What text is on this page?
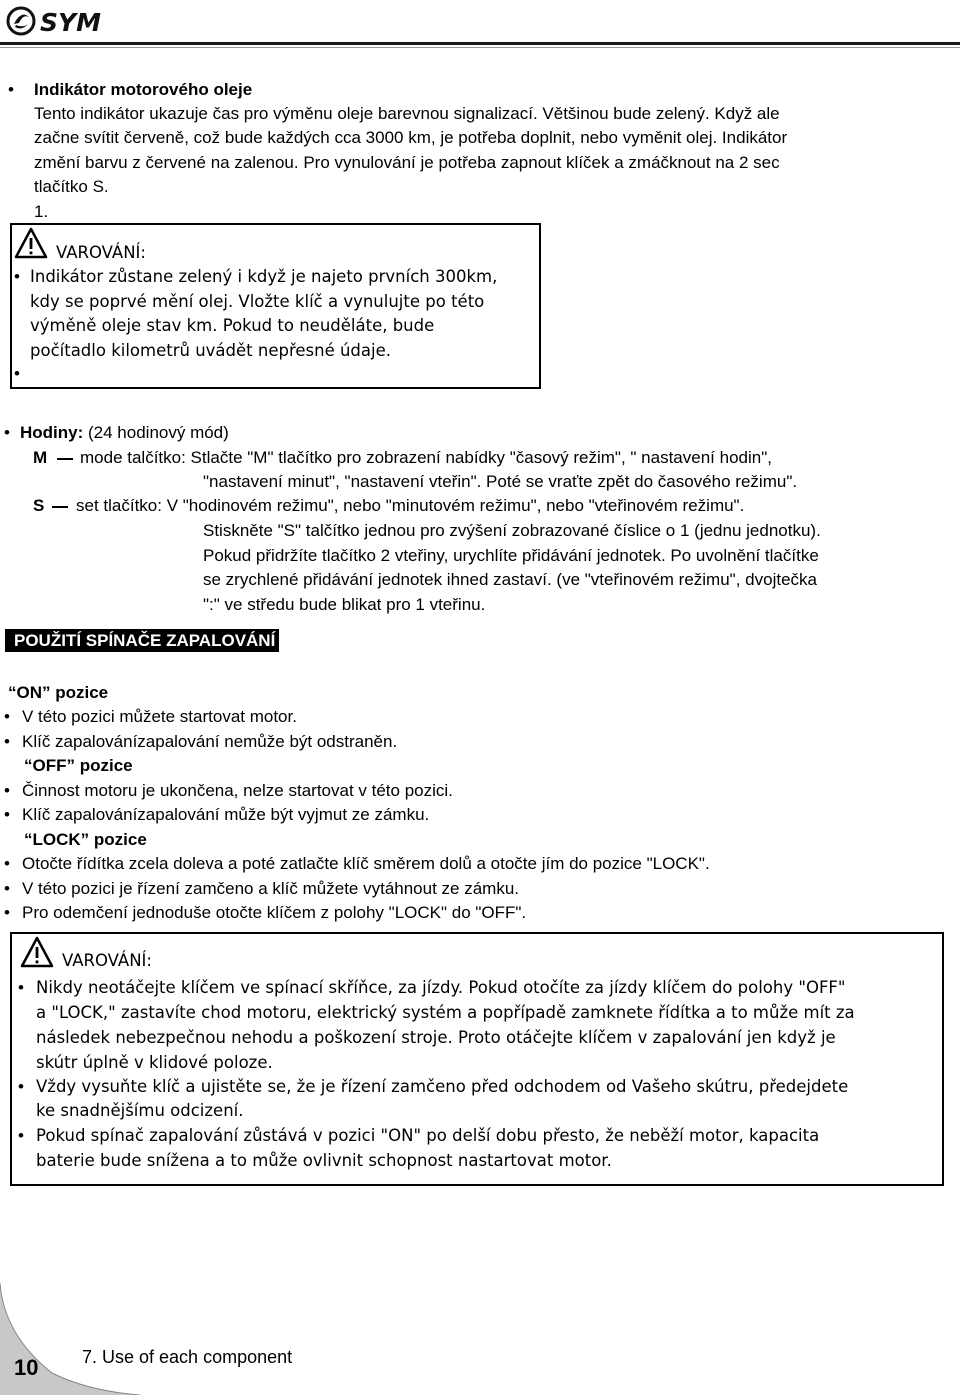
SYM
• Indikátor motorového oleje
Tento indikátor ukazuje čas pro výměnu oleje barevnou signalizací. Většinou bude zelený. Když ale
začne svítit červeně, což bude každých cca 3000 km, je potřeba doplnit, nebo vyměnit olej. Indikátor
změní barvu z červené na zalenou. Pro vynulování je potřeba zapnout klíček a zmáčknout na 2 sec
tlačítko S.
1.
VAROVÁNÍ:
• Indikátor zůstane zelený i když je najeto prvních 300km,
kdy se poprvé mění olej. Vložte klíč a vynulujte po této
výměně oleje stav km. Pokud to neuděláte, bude
počítadlo kilometrů uvádět nepřesné údaje.
•
• Hodiny: (24 hodinový mód)
M mode talčítko: Stlačte "M" tlačítko pro zobrazení nabídky "časový režim", " nastavení hodin",
"nastavení minut", "nastavení vteřin". Poté se vraťte zpět do časového režimu".
S set tlačítko: V "hodinovém režimu", nebo "minutovém režimu", nebo "vteřinovém režimu".
Stiskněte "S" talčítko jednou pro zvýšení zobrazované číslice o 1 (jednu jednotku).
Pokud přidržíte tlačítko 2 vteřiny, urychlíte přidávání jednotek. Po uvolnění tlačítke
se zrychlené přidávání jednotek ihned zastaví. (ve "vteřinovém režimu", dvojtečka
":" ve středu bude blikat pro 1 vteřinu.
POUŽITÍ SPÍNAČE ZAPALOVÁNÍ
“ON” pozice
• V této pozici můžete startovat motor.
• Klíč zapalovánízapalování nemůže být odstraněn.
“OFF” pozice
• Činnost motoru je ukončena, nelze startovat v této pozici.
• Klíč zapalovánízapalování může být vyjmut ze zámku.
“LOCK” pozice
• Otočte řídítka zcela doleva a poté zatlačte klíč směrem dolů a otočte jím do pozice "LOCK".
• V této pozici je řízení zamčeno a klíč můžete vytáhnout ze zámku.
• Pro odemčení jednoduše otočte klíčem z polohy "LOCK" do "OFF".
VAROVÁNÍ:
• Nikdy neotáčejte klíčem ve spínací skříňce, za jízdy. Pokud otočíte za jízdy klíčem do polohy "OFF"
a "LOCK," zastavíte chod motoru, elektrický systém a popřípadě zamknete řídítka a to může mít za
následek nebezpečnou nehodu a poškození stroje. Proto otáčejte klíčem v zapalování jen když je
skútr úplně v klidové poloze.
• Vždy vysuňte klíč a ujistěte se, že je řízení zamčeno před odchodem od Vašeho skútru, předejdete
ke snadnějšímu odcizení.
• Pokud spínač zapalování zůstává v pozici "ON" po delší dobu přesto, že neběží motor, kapacita
baterie bude snížena a to může ovlivnit schopnost nastartovat motor.
10 7. Use of each component
